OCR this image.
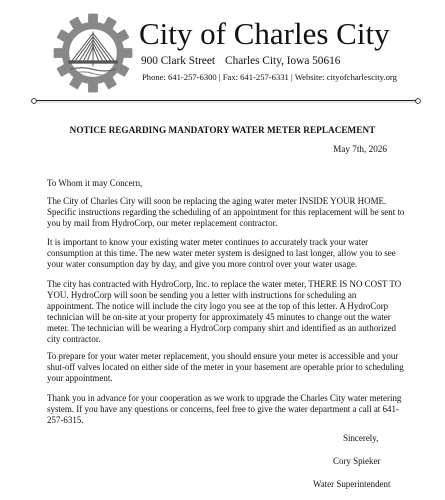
City of Charles City
900 Clark Street Charles City, Iowa 50616
Phone: 641-257-6300 | Fax: 641-257-6331 | Website: cityofcharlescity.org
NOTICE REGARDING MANDATORY WATER METER REPLACEMENT
May 7th, 2026

To Whom it may Concern,

The City of Charles City will soon be replacing the aging water meter INSIDE YOUR HOME. Specific instructions regarding the scheduling of an appointment for this replacement will be sent to you by mail from HydroCorp, our meter replacement contractor.

It is important to know your existing water meter continues to accurately track your water consumption at this time. The new water meter system is designed to last longer, allow you to see your water consumption day by day, and give you more control over your water usage.

The city has contracted with HydroCorp, Inc. to replace the water meter, THERE IS NO COST TO YOU. HydroCorp will soon be sending you a letter with instructions for scheduling an appointment. The notice will include the city logo you see at the top of this letter. A HydroCorp technician will be on-site at your property for approximately 45 minutes to change out the water meter. The technician will be wearing a HydroCorp company shirt and identified as an authorized city contractor.

To prepare for your water meter replacement, you should ensure your meter is accessible and your shut-off valves located on either side of the meter in your basement are operable prior to scheduling your appointment.

Thank you in advance for your cooperation as we work to upgrade the Charles City water metering system. If you have any questions or concerns, feel free to give the water department a call at 641-257-6315.

Sincerely,
Cory Spieker
Water Superintendent
